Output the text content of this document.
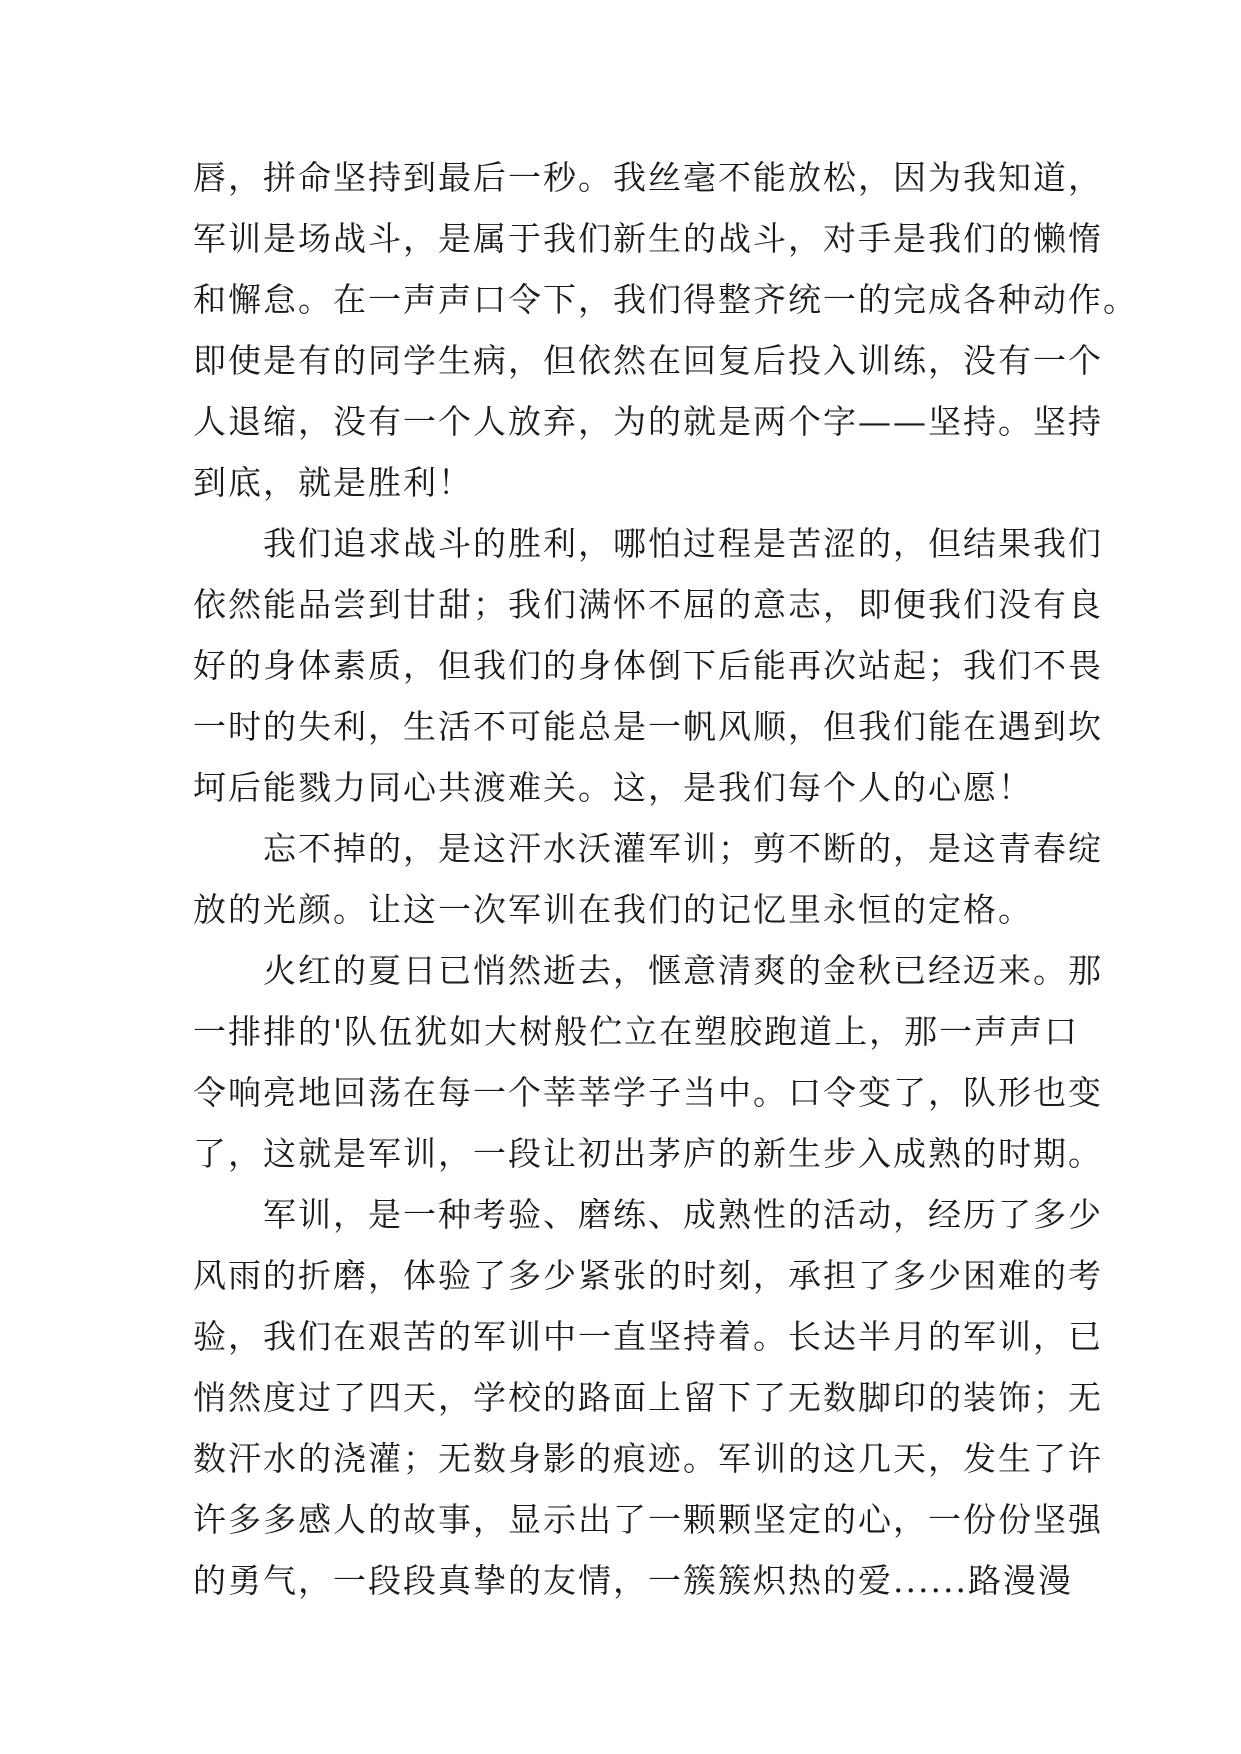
唇，拼命坚持到最后一秒。我丝毫不能放松，因为我知道，
军训是场战斗，是属于我们新生的战斗，对手是我们的懒惰
和懈怠。在一声声口令下，我们得整齐统一的完成各种动作。
即使是有的同学生病，但依然在回复后投入训练，没有一个
人退缩，没有一个人放弃，为的就是两个字——坚持。坚持
到底，就是胜利！
　　我们追求战斗的胜利，哪怕过程是苦涩的，但结果我们
依然能品尝到甘甜；我们满怀不屈的意志，即便我们没有良
好的身体素质，但我们的身体倒下后能再次站起；我们不畏
一时的失利，生活不可能总是一帆风顺，但我们能在遇到坎
坷后能戮力同心共渡难关。这，是我们每个人的心愿！
　　忘不掉的，是这汗水沃灌军训；剪不断的，是这青春绽
放的光颜。让这一次军训在我们的记忆里永恒的定格。
　　火红的夏日已悄然逝去，惬意清爽的金秋已经迈来。那
一排排的'队伍犹如大树般伫立在塑胶跑道上，那一声声口
令响亮地回荡在每一个莘莘学子当中。口令变了，队形也变
了，这就是军训，一段让初出茅庐的新生步入成熟的时期。
　　军训，是一种考验、磨练、成熟性的活动，经历了多少
风雨的折磨，体验了多少紧张的时刻，承担了多少困难的考
验，我们在艰苦的军训中一直坚持着。长达半月的军训，已
悄然度过了四天，学校的路面上留下了无数脚印的装饰；无
数汗水的浇灌；无数身影的痕迹。军训的这几天，发生了许
许多多感人的故事，显示出了一颗颗坚定的心，一份份坚强
的勇气，一段段真挚的友情，一簇簇炽热的爱......路漫漫
